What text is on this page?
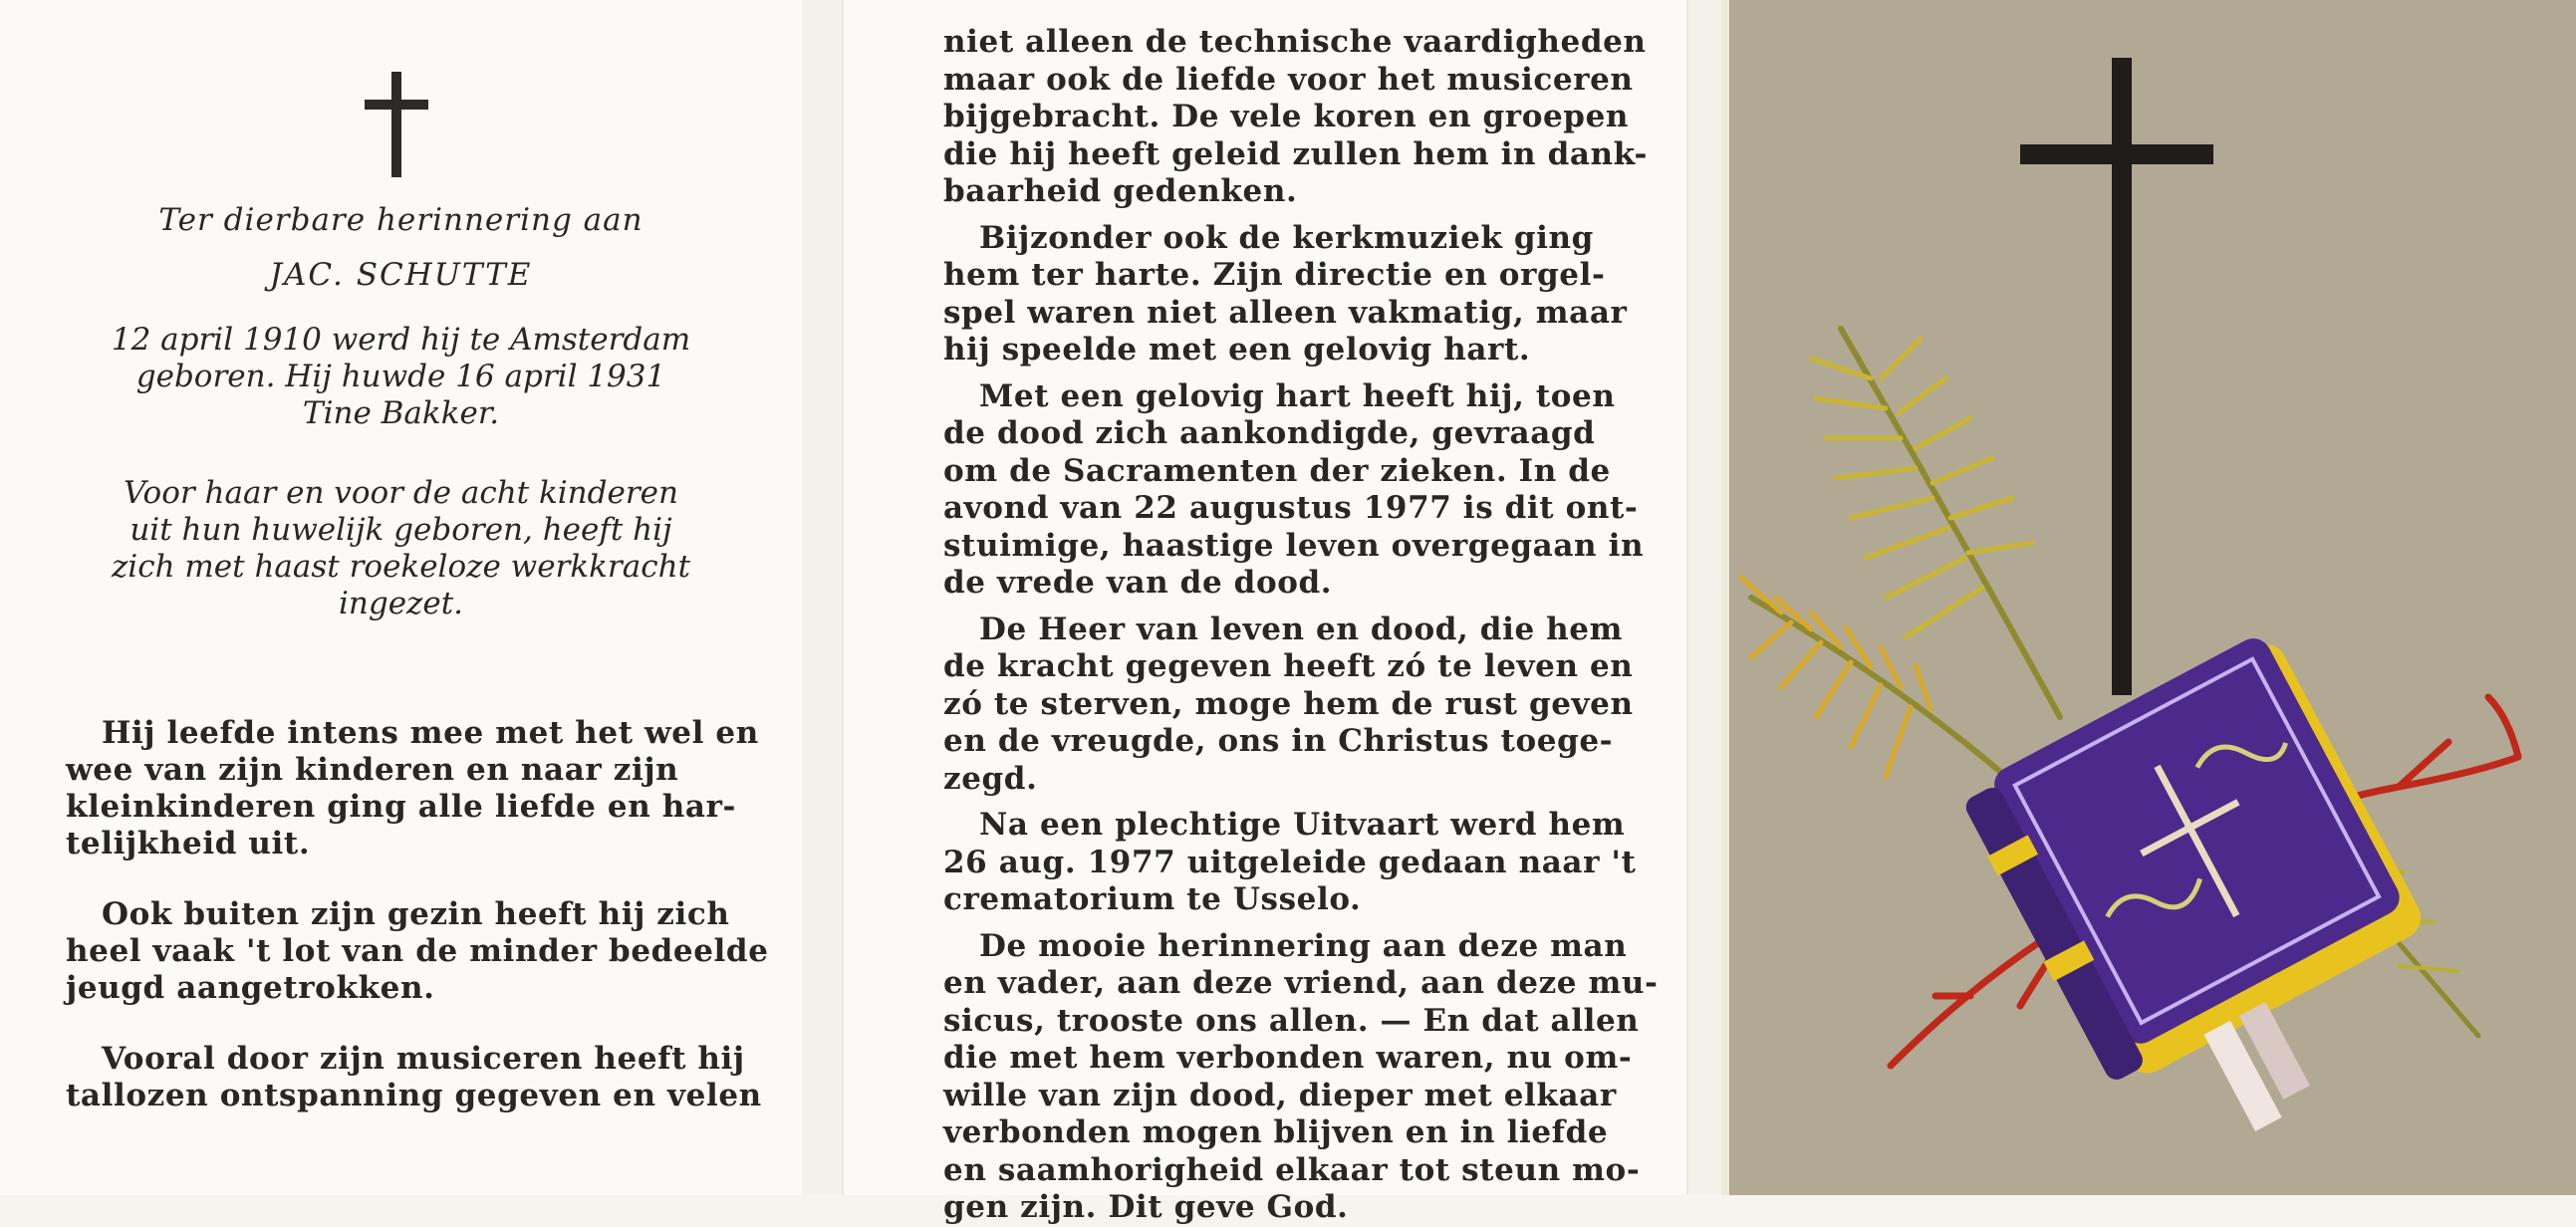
Ter dierbare herinnering aan
JAC. SCHUTTE
12 april 1910 werd hij te Amsterdam
geboren. Hij huwde 16 april 1931
Tine Bakker.
Voor haar en voor de acht kinderen
uit hun huwelijk geboren, heeft hij
zich met haast roekeloze werkkracht
ingezet.
Hij leefde intens mee met het wel en
wee van zijn kinderen en naar zijn
kleinkinderen ging alle liefde en har-
telijkheid uit.
Ook buiten zijn gezin heeft hij zich
heel vaak 't lot van de minder bedeelde
jeugd aangetrokken.
Vooral door zijn musiceren heeft hij
tallozen ontspanning gegeven en velen
niet alleen de technische vaardigheden
maar ook de liefde voor het musiceren
bijgebracht. De vele koren en groepen
die hij heeft geleid zullen hem in dank-
baarheid gedenken.
Bijzonder ook de kerkmuziek ging
hem ter harte. Zijn directie en orgel-
spel waren niet alleen vakmatig, maar
hij speelde met een gelovig hart.
Met een gelovig hart heeft hij, toen
de dood zich aankondigde, gevraagd
om de Sacramenten der zieken. In de
avond van 22 augustus 1977 is dit ont-
stuimige, haastige leven overgegaan in
de vrede van de dood.
De Heer van leven en dood, die hem
de kracht gegeven heeft zó te leven en
zó te sterven, moge hem de rust geven
en de vreugde, ons in Christus toege-
zegd.
Na een plechtige Uitvaart werd hem
26 aug. 1977 uitgeleide gedaan naar 't
crematorium te Usselo.
De mooie herinnering aan deze man
en vader, aan deze vriend, aan deze mu-
sicus, trooste ons allen. — En dat allen
die met hem verbonden waren, nu om-
wille van zijn dood, dieper met elkaar
verbonden mogen blijven en in liefde
en saamhorigheid elkaar tot steun mo-
gen zijn. Dit geve God.
